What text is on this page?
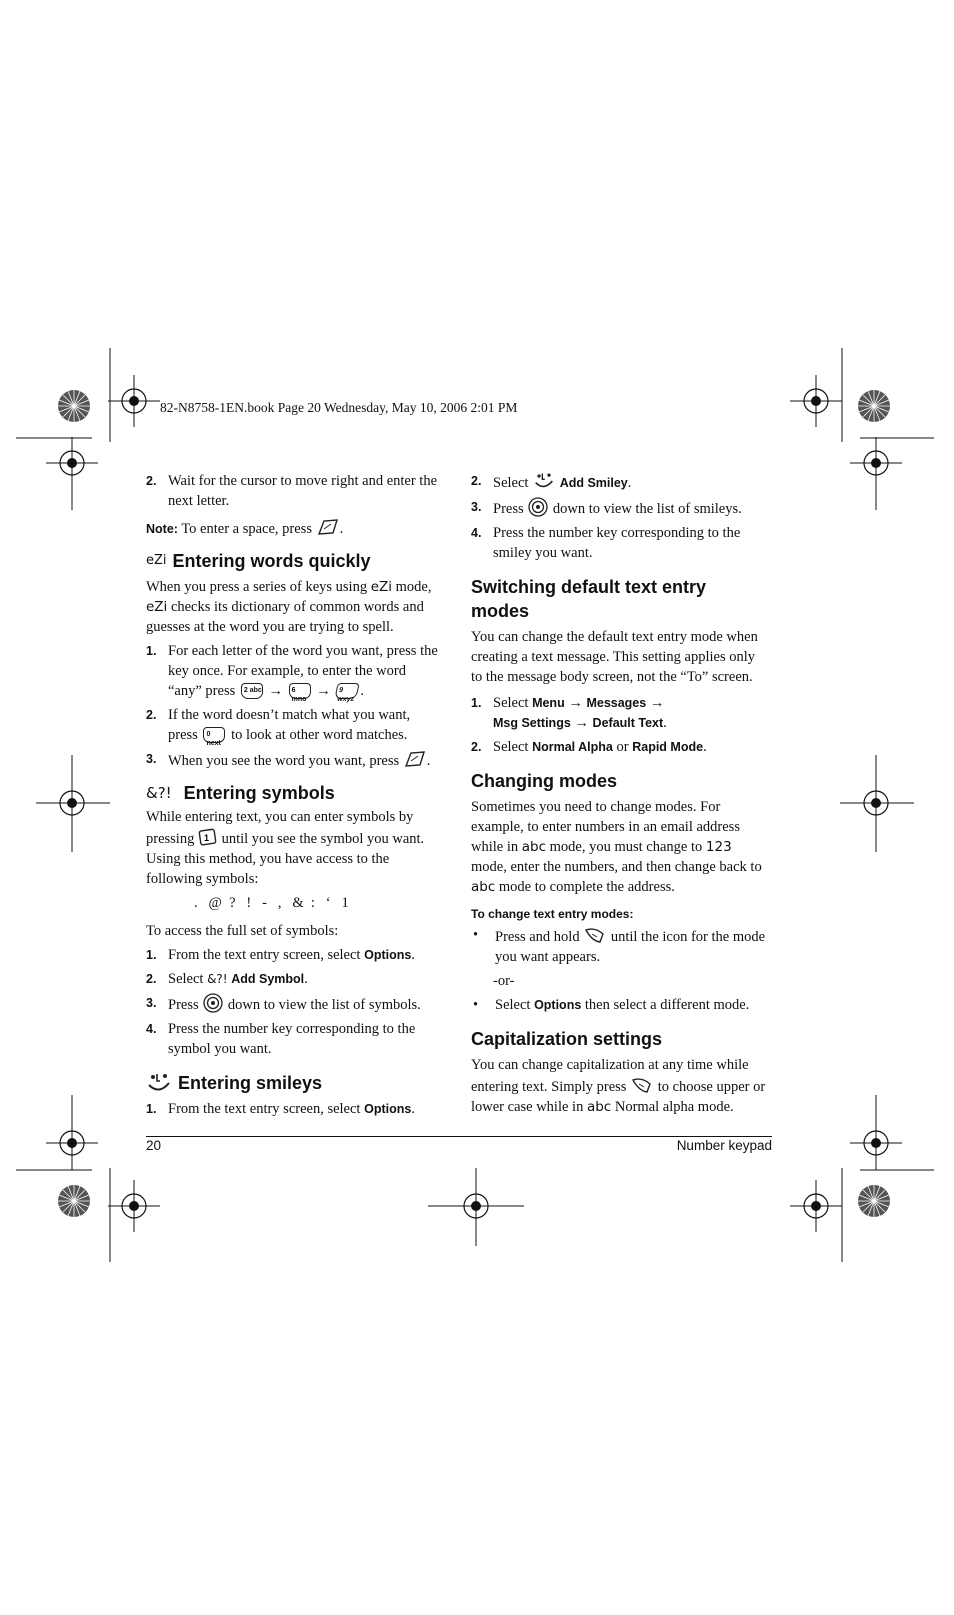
82-N8758-1EN.book Page 20 Wednesday, May 10, 2006 2:01 PM
2. Wait for the cursor to move right and enter the next letter.
Note: To enter a space, press .
eZi Entering words quickly
When you press a series of keys using eZi mode, eZi checks its dictionary of common words and guesses at the word you are trying to spell.
1. For each letter of the word you want, press the key once. For example, to enter the word “any” press 2 abc → 6 mno
→	9 wxyz
.
2. If the word doesn’t match what you want, press 0 next
to look at other word matches.
3. When you see the word you want, press .
&?! Entering symbols
While entering text, you can enter symbols by pressing 1 until you see the symbol you want. Using this method, you have access to the following symbols:
.   @  ?   !   -   ,   &  :   ‘   1
To access the full set of symbols:
1. From the text entry screen, select Options.
2. Select &?! Add Symbol.
3. Press down to view the list of symbols.
4. Press the number key corresponding to the symbol you want.
Entering smileys
1. From the text entry screen, select Options.
2. Select	Add Smiley.
3. Press down to view the list of smileys.
4. Press the number key corresponding to the smiley you want.
Switching default text entry modes
You can change the default text entry mode when creating a text message. This setting applies only to the message body screen, not the “To” screen.
1. Select Menu → Messages →
Msg Settings → Default Text.
2. Select Normal Alpha or Rapid Mode.
Changing modes
Sometimes you need to change modes. For example, to enter numbers in an email address while in abc mode, you must change to 123 mode, enter the numbers, and then change back to abc mode to complete the address.
To change text entry modes:
•	Press and hold until the icon for the mode you want appears.
-or-
•	Select Options then select a different mode.
Capitalization settings
You can change capitalization at any time while entering text. Simply press to choose upper or lower case while in abc Normal alpha mode.
20	Number keypad
